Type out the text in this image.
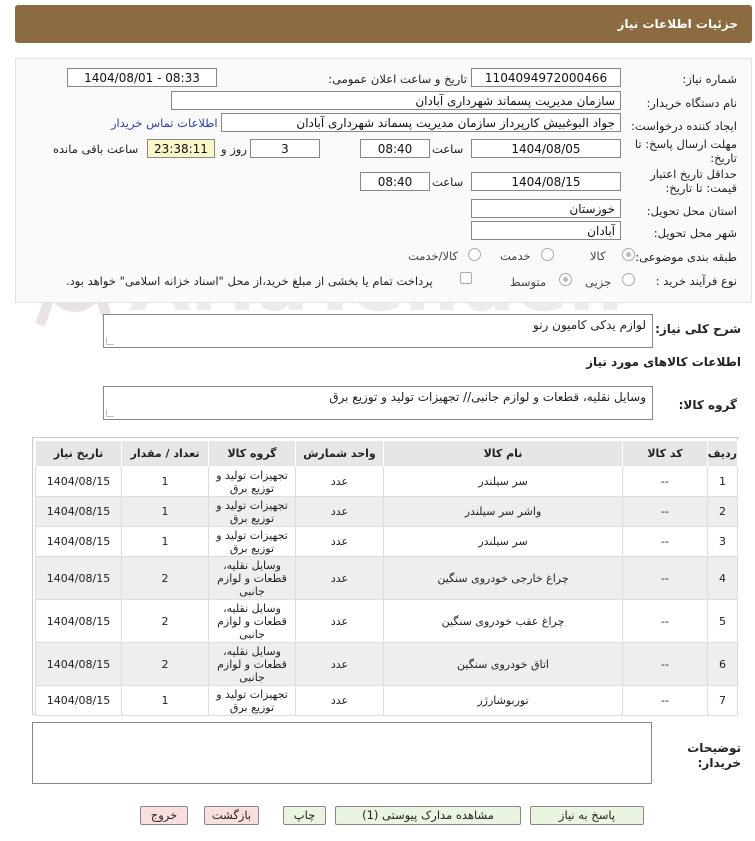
جزئیات اطلاعات نیاز
شماره نیاز:
1104094972000466
تاریخ و ساعت اعلان عمومی:
1404/08/01 - 08:33
نام دستگاه خریدار:
سازمان مدیریت پسماند شهرداری آبادان
ایجاد کننده درخواست:
جواد البوغبیش کارپرداز سازمان مدیریت پسماند شهرداری آبادان
اطلاعات تماس خریدار
مهلت ارسال پاسخ: تا
تاریخ:
1404/08/05
ساعت
08:40
3
روز و
23:38:11
ساعت باقی مانده
حداقل تاریخ اعتبار
قیمت: تا تاریخ:
1404/08/15
ساعت
08:40
استان محل تحویل:
خوزستان
شهر محل تحویل:
آبادان
طبقه بندی موضوعی:
کالا
خدمت
کالا/خدمت
نوع فرآیند خرید :
جزیی
متوسط
پرداخت تمام یا بخشی از مبلغ خرید،از محل "اسناد خزانه اسلامی" خواهد بود.
شرح کلی نیاز:
لوازم یدکی کامیون رنو
اطلاعات کالاهای مورد نیاز
گروه کالا:
وسایل نقلیه، قطعات و لوازم جانبی// تجهیزات تولید و توزیع برق
ردیف	کد کالا	نام کالا	واحد شمارش	گروه کالا	تعداد / مقدار	تاریخ نیاز
1	--	سر سیلندر	عدد	تجهیزات تولید و توزیع برق	1	1404/08/15
2	--	واشر سر سیلندر	عدد	تجهیزات تولید و توزیع برق	1	1404/08/15
3	--	سر سیلندر	عدد	تجهیزات تولید و توزیع برق	1	1404/08/15
4	--	چراغ خارجی خودروی سنگین	عدد	وسایل نقلیه، قطعات و لوازم جانبی	2	1404/08/15
5	--	چراغ عقب خودروی سنگین	عدد	وسایل نقلیه، قطعات و لوازم جانبی	2	1404/08/15
6	--	اتاق خودروی سنگین	عدد	وسایل نقلیه، قطعات و لوازم جانبی	2	1404/08/15
7	--	توربوشارژر	عدد	تجهیزات تولید و توزیع برق	1	1404/08/15
توضیحات
خریدار:
پاسخ به نیاز
مشاهده مدارک پیوستی (1)
چاپ
بازگشت
خروج
